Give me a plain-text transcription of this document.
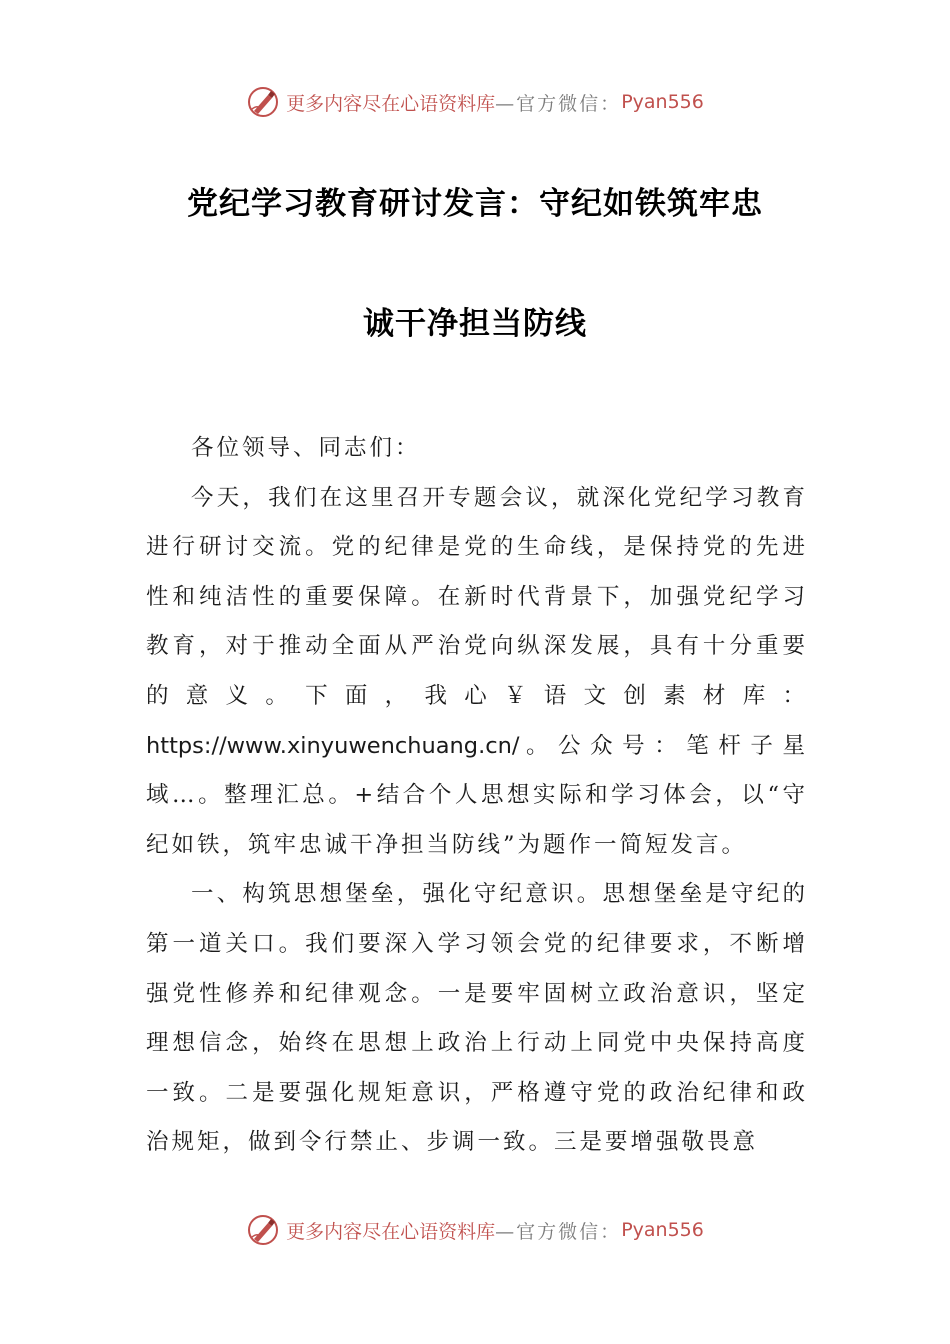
更多内容尽在心语资料库 —官方微信： Pyan556
党纪学习教育研讨发言：守纪如铁筑牢忠
诚干净担当防线

各位领导、同志们：

今天，我们在这里召开专题会议，就深化党纪学习教育进行研讨交流。党的纪律是党的生命线，是保持党的先进性和纯洁性的重要保障。在新时代背景下，加强党纪学习教育，对于推动全面从严治党向纵深发展，具有十分重要的意义。下面，我心￥语文创素材库：https://www.xinyuwenchuang.cn/。公众号：笔杆子星域…。整理汇总。+结合个人思想实际和学习体会，以“守纪如铁，筑牢忠诚干净担当防线”为题作一简短发言。

一、构筑思想堡垒，强化守纪意识。思想堡垒是守纪的第一道关口。我们要深入学习领会党的纪律要求，不断增强党性修养和纪律观念。一是要牢固树立政治意识，坚定理想信念，始终在思想上政治上行动上同党中央保持高度一致。二是要强化规矩意识，严格遵守党的政治纪律和政治规矩，做到令行禁止、步调一致。三是要增强敬畏意

更多内容尽在心语资料库 —官方微信： Pyan556
